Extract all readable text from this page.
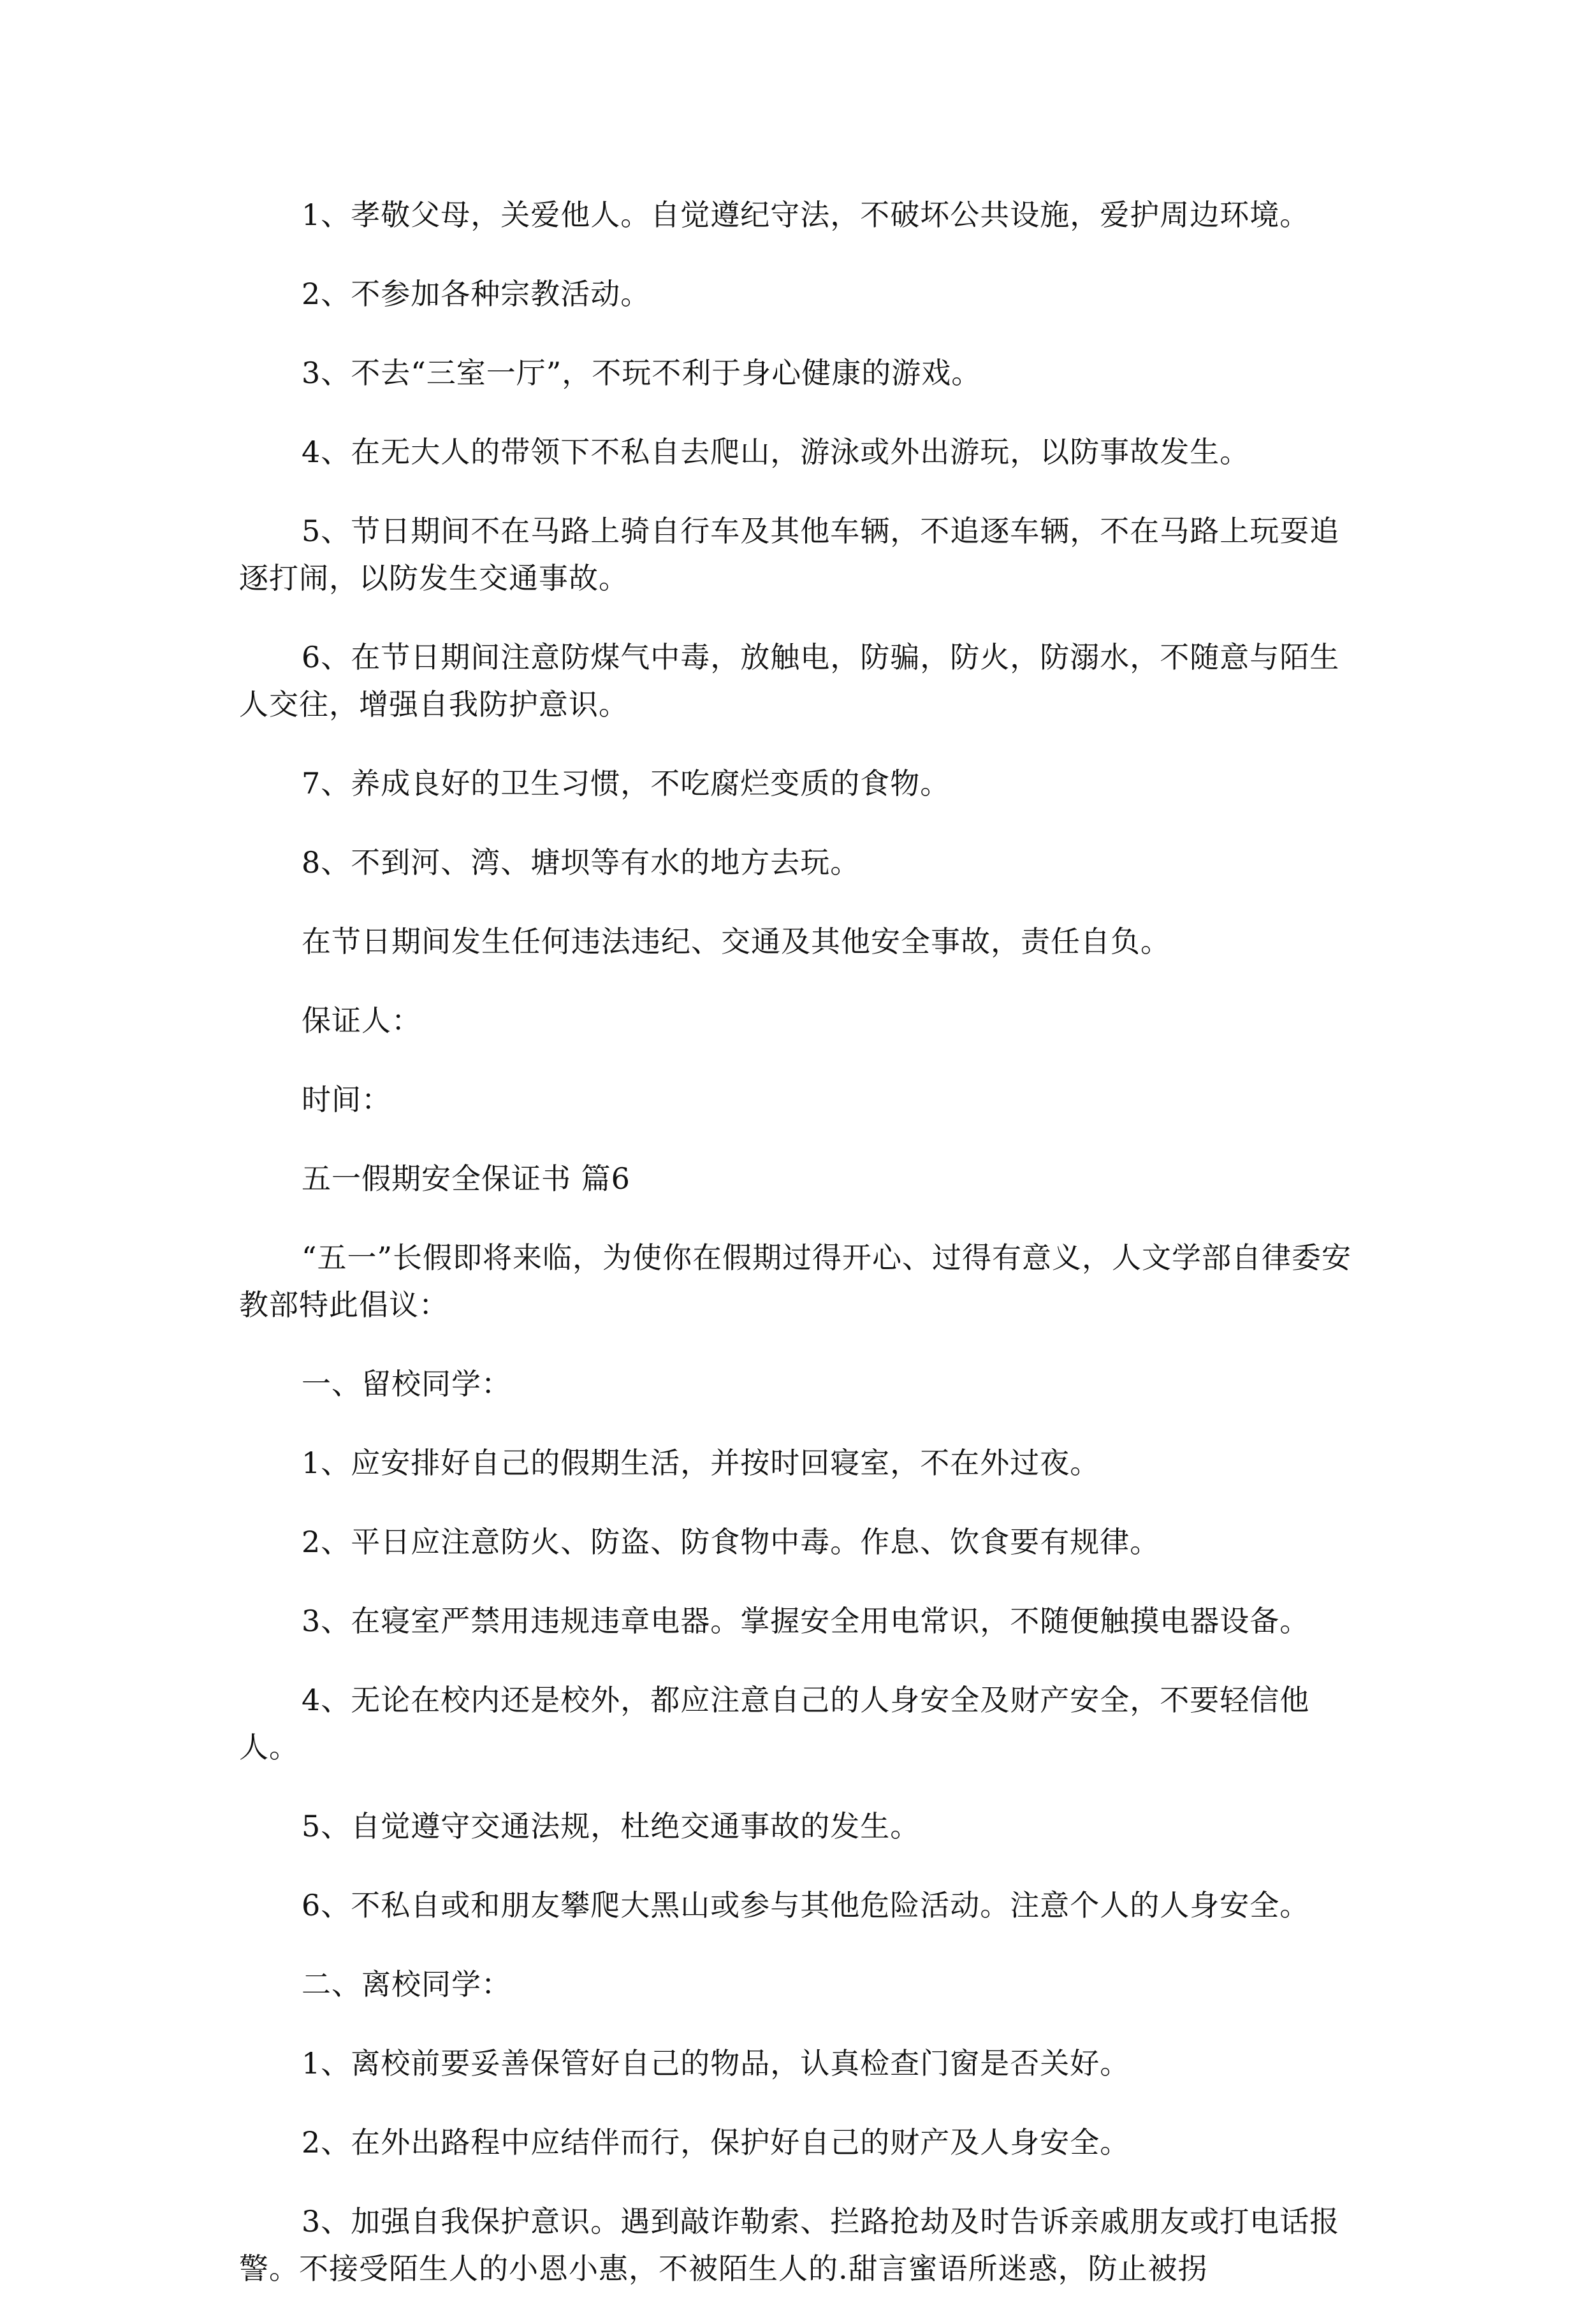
1、孝敬父母，关爱他人。自觉遵纪守法，不破坏公共设施，爱护周边环境。

2、不参加各种宗教活动。

3、不去“三室一厅”，不玩不利于身心健康的游戏。

4、在无大人的带领下不私自去爬山，游泳或外出游玩，以防事故发生。

5、节日期间不在马路上骑自行车及其他车辆，不追逐车辆，不在马路上玩耍追逐打闹，以防发生交通事故。

6、在节日期间注意防煤气中毒，放触电，防骗，防火，防溺水，不随意与陌生人交往，增强自我防护意识。

7、养成良好的卫生习惯，不吃腐烂变质的食物。

8、不到河、湾、塘坝等有水的地方去玩。

在节日期间发生任何违法违纪、交通及其他安全事故，责任自负。

保证人：

时间：

五一假期安全保证书 篇6

“五一”长假即将来临，为使你在假期过得开心、过得有意义，人文学部自律委安教部特此倡议：

一、留校同学：

1、应安排好自己的假期生活，并按时回寝室，不在外过夜。

2、平日应注意防火、防盗、防食物中毒。作息、饮食要有规律。

3、在寝室严禁用违规违章电器。掌握安全用电常识，不随便触摸电器设备。

4、无论在校内还是校外，都应注意自己的人身安全及财产安全，不要轻信他人。

5、自觉遵守交通法规，杜绝交通事故的发生。

6、不私自或和朋友攀爬大黑山或参与其他危险活动。注意个人的人身安全。

二、离校同学：

1、离校前要妥善保管好自己的物品，认真检查门窗是否关好。

2、在外出路程中应结伴而行，保护好自己的财产及人身安全。

3、加强自我保护意识。遇到敲诈勒索、拦路抢劫及时告诉亲戚朋友或打电话报警。不接受陌生人的小恩小惠，不被陌生人的.甜言蜜语所迷惑，防止被拐
